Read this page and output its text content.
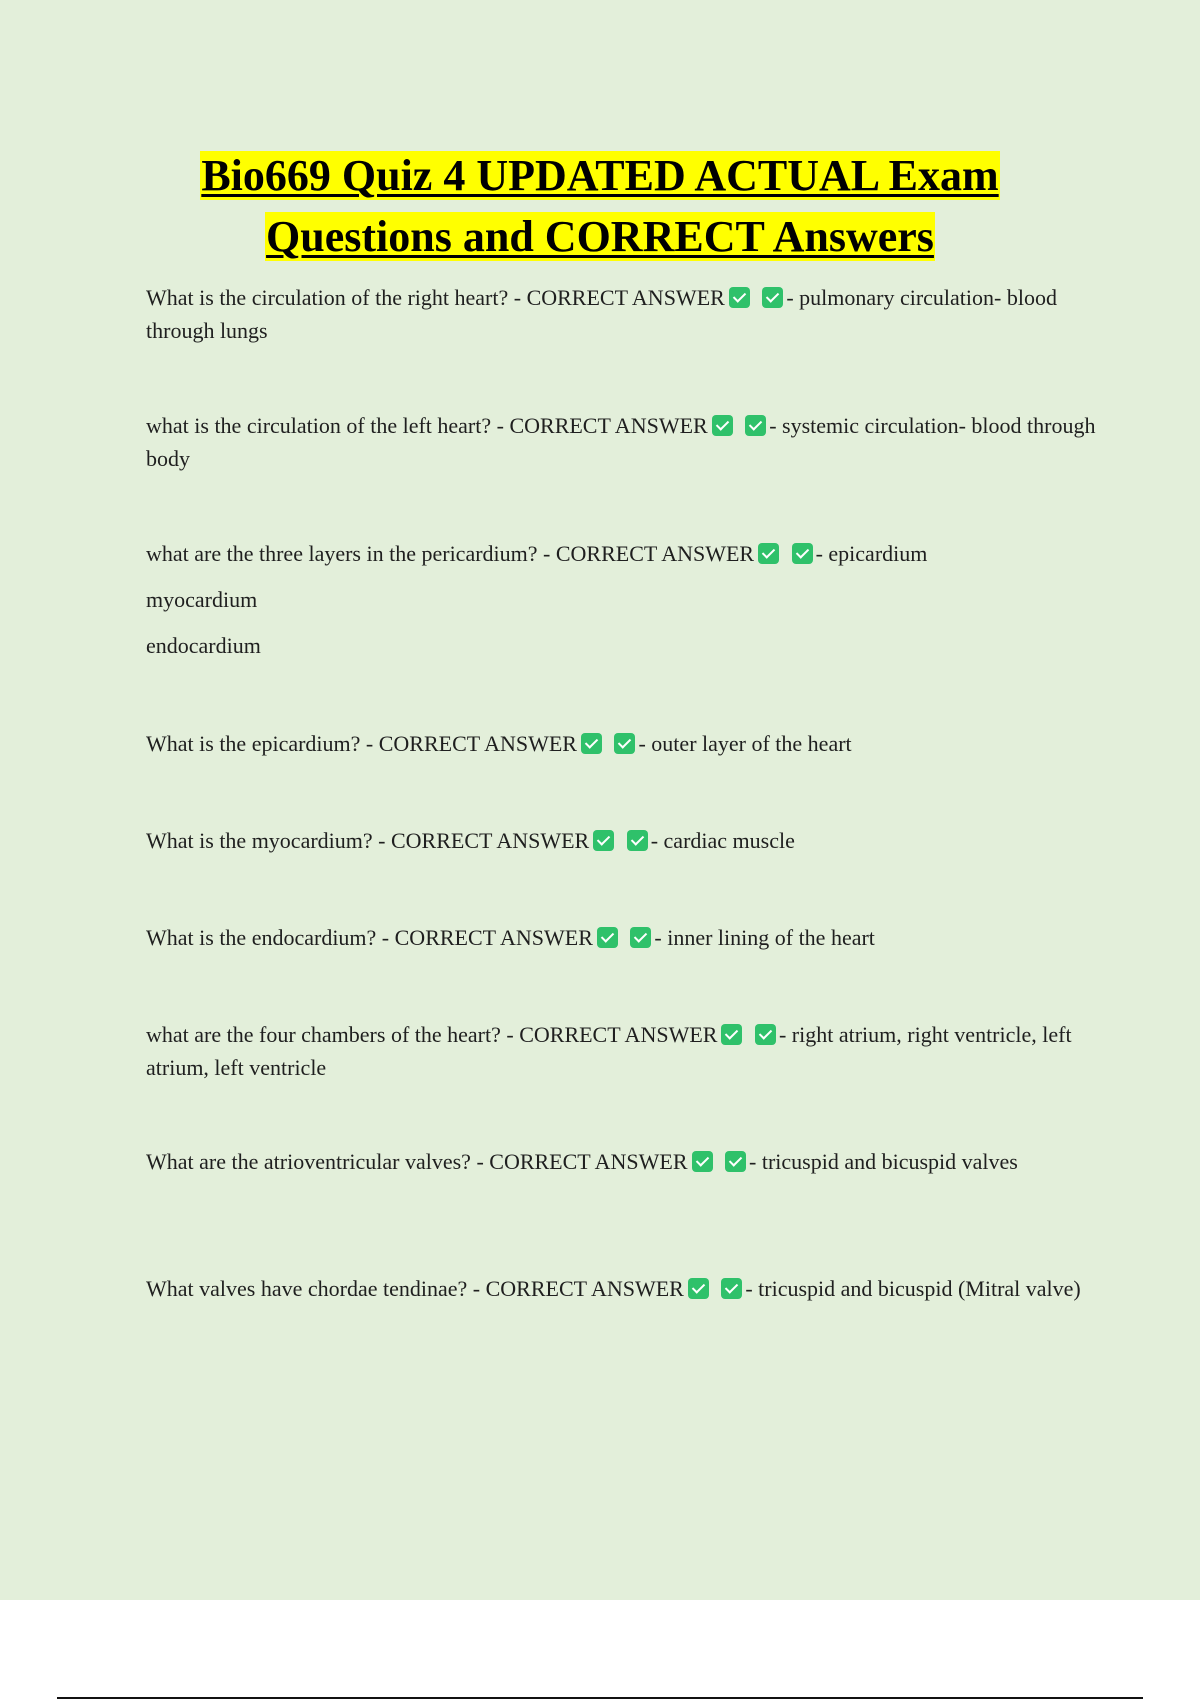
Bio669 Quiz 4 UPDATED ACTUAL Exam
Questions and CORRECT Answers
What is the circulation of the right heart? - CORRECT ANSWER	- pulmonary circulation- blood through lungs
what is the circulation of the left heart? - CORRECT ANSWER	- systemic circulation- blood through body
what are the three layers in the pericardium? - CORRECT ANSWER	- epicardium
myocardium
endocardium
What is the epicardium? - CORRECT ANSWER	- outer layer of the heart
What is the myocardium? - CORRECT ANSWER	- cardiac muscle
What is the endocardium? - CORRECT ANSWER	- inner lining of the heart
what are the four chambers of the heart? - CORRECT ANSWER	- right atrium, right ventricle, left atrium, left ventricle
What are the atrioventricular valves? - CORRECT ANSWER	- tricuspid and bicuspid valves
What valves have chordae tendinae? - CORRECT ANSWER	- tricuspid and bicuspid (Mitral valve)
